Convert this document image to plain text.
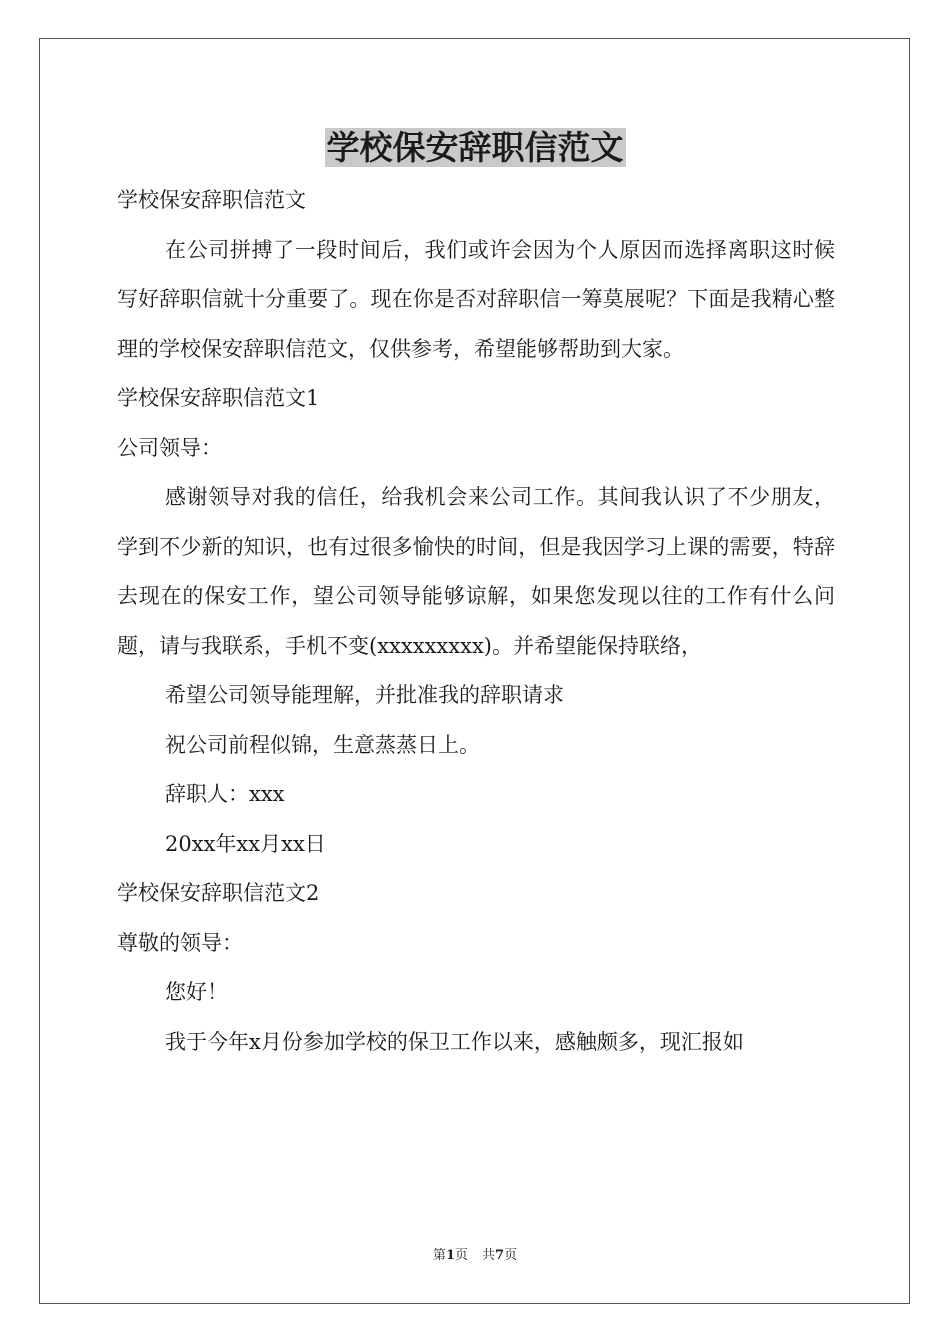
学校保安辞职信范文

学校保安辞职信范文

在公司拼搏了一段时间后，我们或许会因为个人原因而选择离职这时候写好辞职信就十分重要了。现在你是否对辞职信一筹莫展呢？下面是我精心整理的学校保安辞职信范文，仅供参考，希望能够帮助到大家。

学校保安辞职信范文1

公司领导：

感谢领导对我的信任，给我机会来公司工作。其间我认识了不少朋友，学到不少新的知识，也有过很多愉快的时间，但是我因学习上课的需要，特辞去现在的保安工作，望公司领导能够谅解，如果您发现以往的工作有什么问题，请与我联系，手机不变(xxxxxxxxx)。并希望能保持联络，

希望公司领导能理解，并批准我的辞职请求

祝公司前程似锦，生意蒸蒸日上。

辞职人：xxx

20xx年xx月xx日

学校保安辞职信范文2

尊敬的领导：

您好！

我于今年x月份参加学校的保卫工作以来，感触颇多，现汇报如

第1页 共7页
